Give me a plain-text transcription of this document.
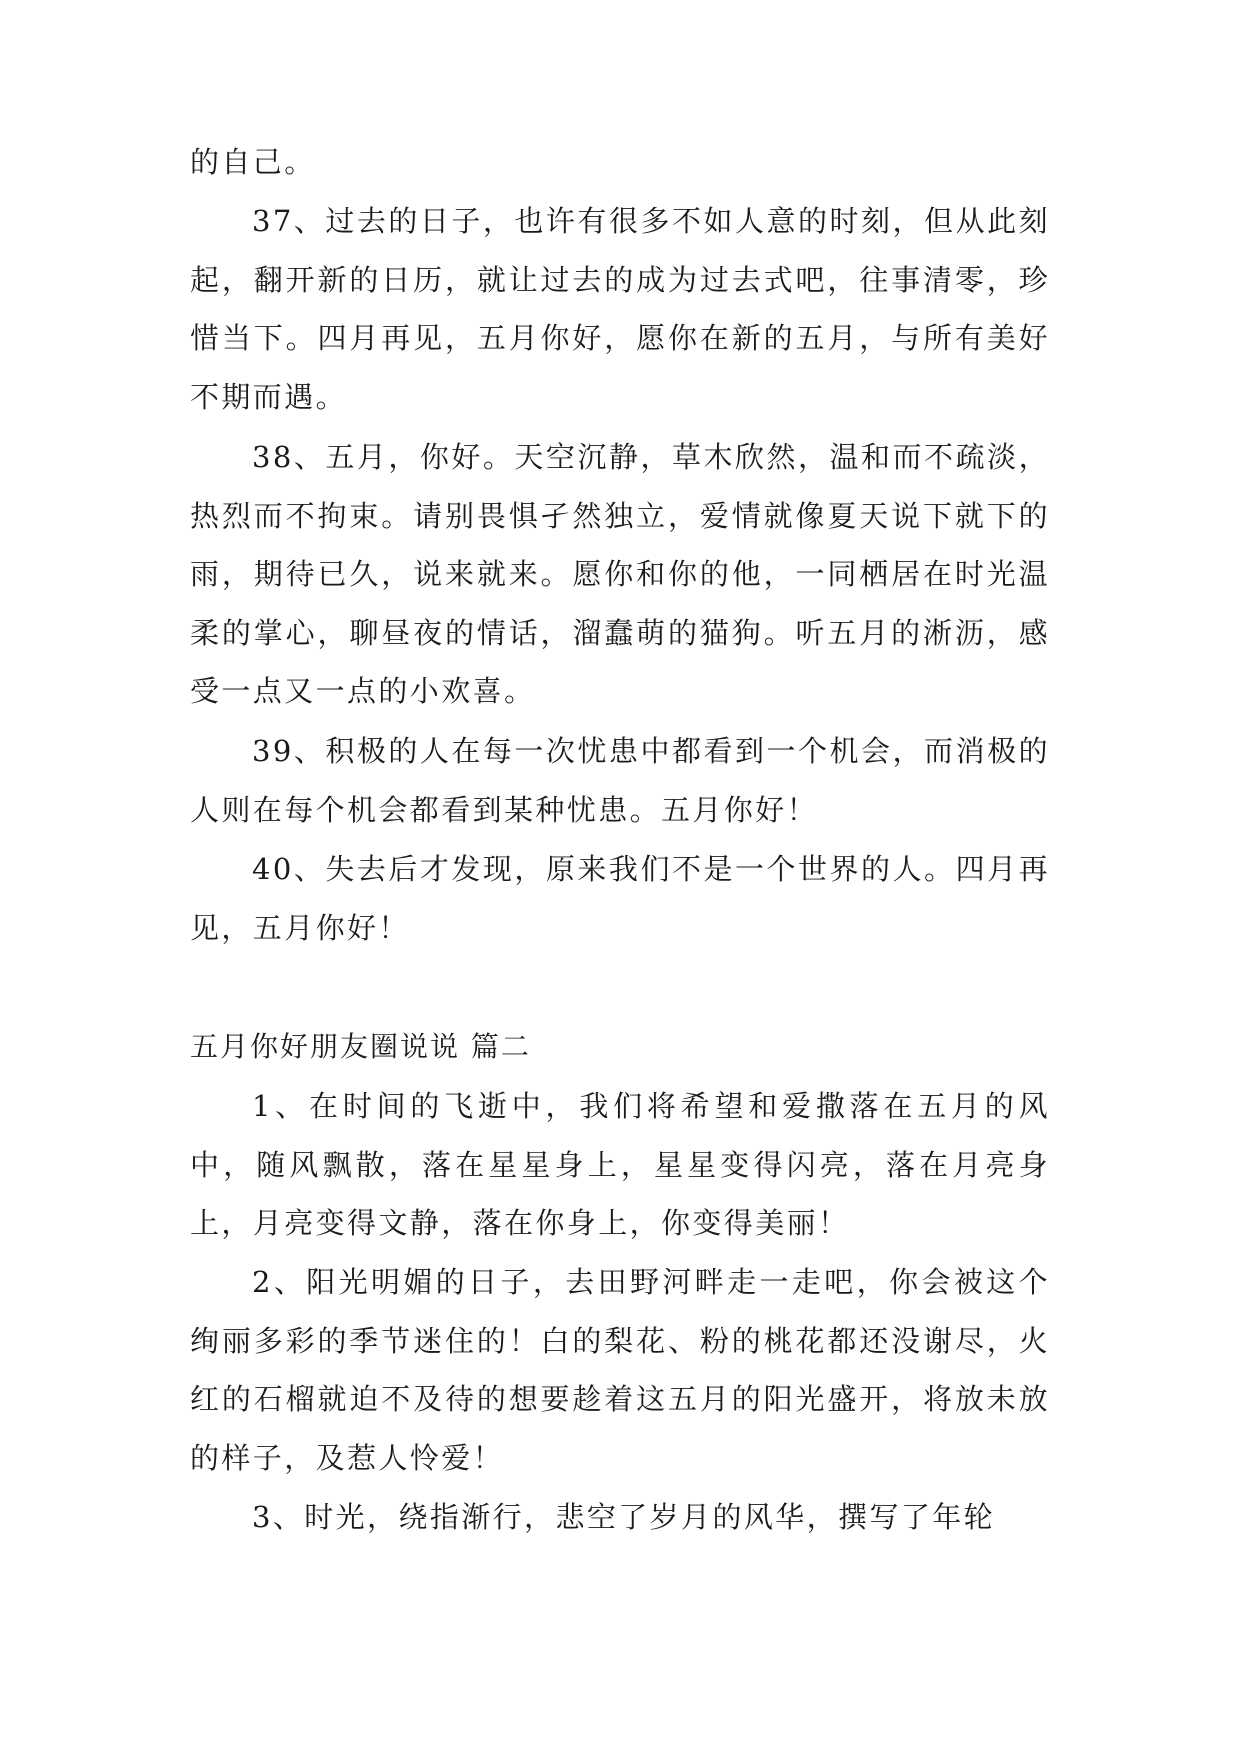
的自己。

37、过去的日子，也许有很多不如人意的时刻，但从此刻起，翻开新的日历，就让过去的成为过去式吧，往事清零，珍惜当下。四月再见，五月你好，愿你在新的五月，与所有美好不期而遇。

38、五月，你好。天空沉静，草木欣然，温和而不疏淡，热烈而不拘束。请别畏惧孑然独立，爱情就像夏天说下就下的雨，期待已久，说来就来。愿你和你的他，一同栖居在时光温柔的掌心，聊昼夜的情话，溜蠢萌的猫狗。听五月的淅沥，感受一点又一点的小欢喜。

39、积极的人在每一次忧患中都看到一个机会，而消极的人则在每个机会都看到某种忧患。五月你好！

40、失去后才发现，原来我们不是一个世界的人。四月再见，五月你好！

五月你好朋友圈说说 篇二

1、在时间的飞逝中，我们将希望和爱撒落在五月的风中，随风飘散，落在星星身上，星星变得闪亮，落在月亮身上，月亮变得文静，落在你身上，你变得美丽！

2、阳光明媚的日子，去田野河畔走一走吧，你会被这个绚丽多彩的季节迷住的！白的梨花、粉的桃花都还没谢尽，火红的石榴就迫不及待的想要趁着这五月的阳光盛开，将放未放的样子，及惹人怜爱！

3、时光，绕指渐行，悲空了岁月的风华，撰写了年轮
